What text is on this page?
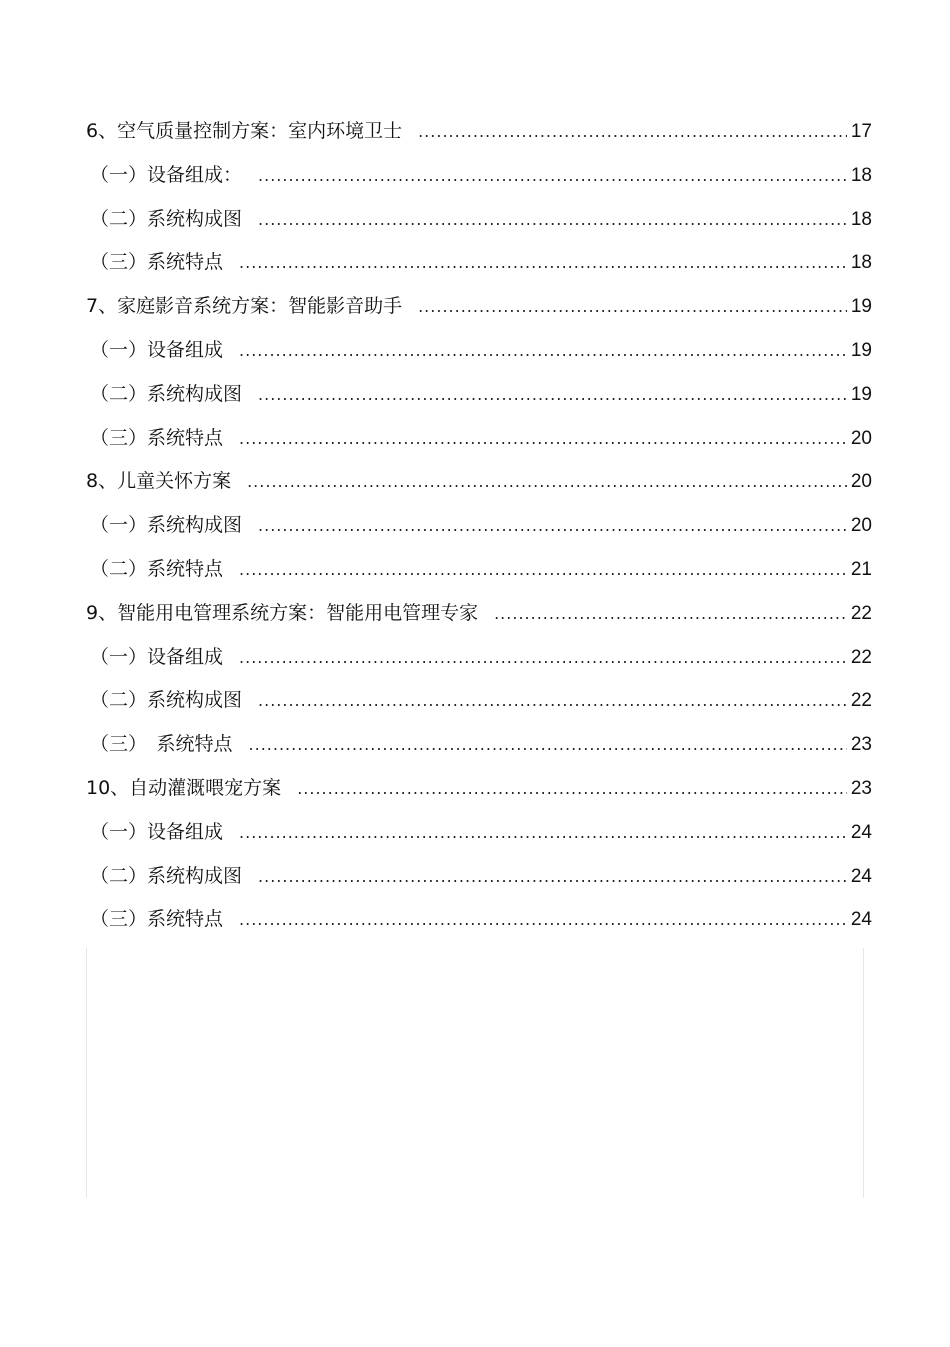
6、空气质量控制方案：室内环境卫士 .....	17
（一）设备组成： .....	18
（二）系统构成图 .....	18
（三）系统特点 .....	18
7、家庭影音系统方案：智能影音助手 .....	19
（一）设备组成 .....	19
（二）系统构成图 .....	19
（三）系统特点 .....	20
8、儿童关怀方案 .....	20
（一）系统构成图 .....	20
（二）系统特点 .....	21
9、智能用电管理系统方案：智能用电管理专家 .....	22
（一）设备组成 .....	22
（二）系统构成图 .....	22
（三）　系统特点 .....	23
10、自动灌溉喂宠方案 .....	23
（一）设备组成 .....	24
（二）系统构成图 .....	24
（三）系统特点 .....	24
